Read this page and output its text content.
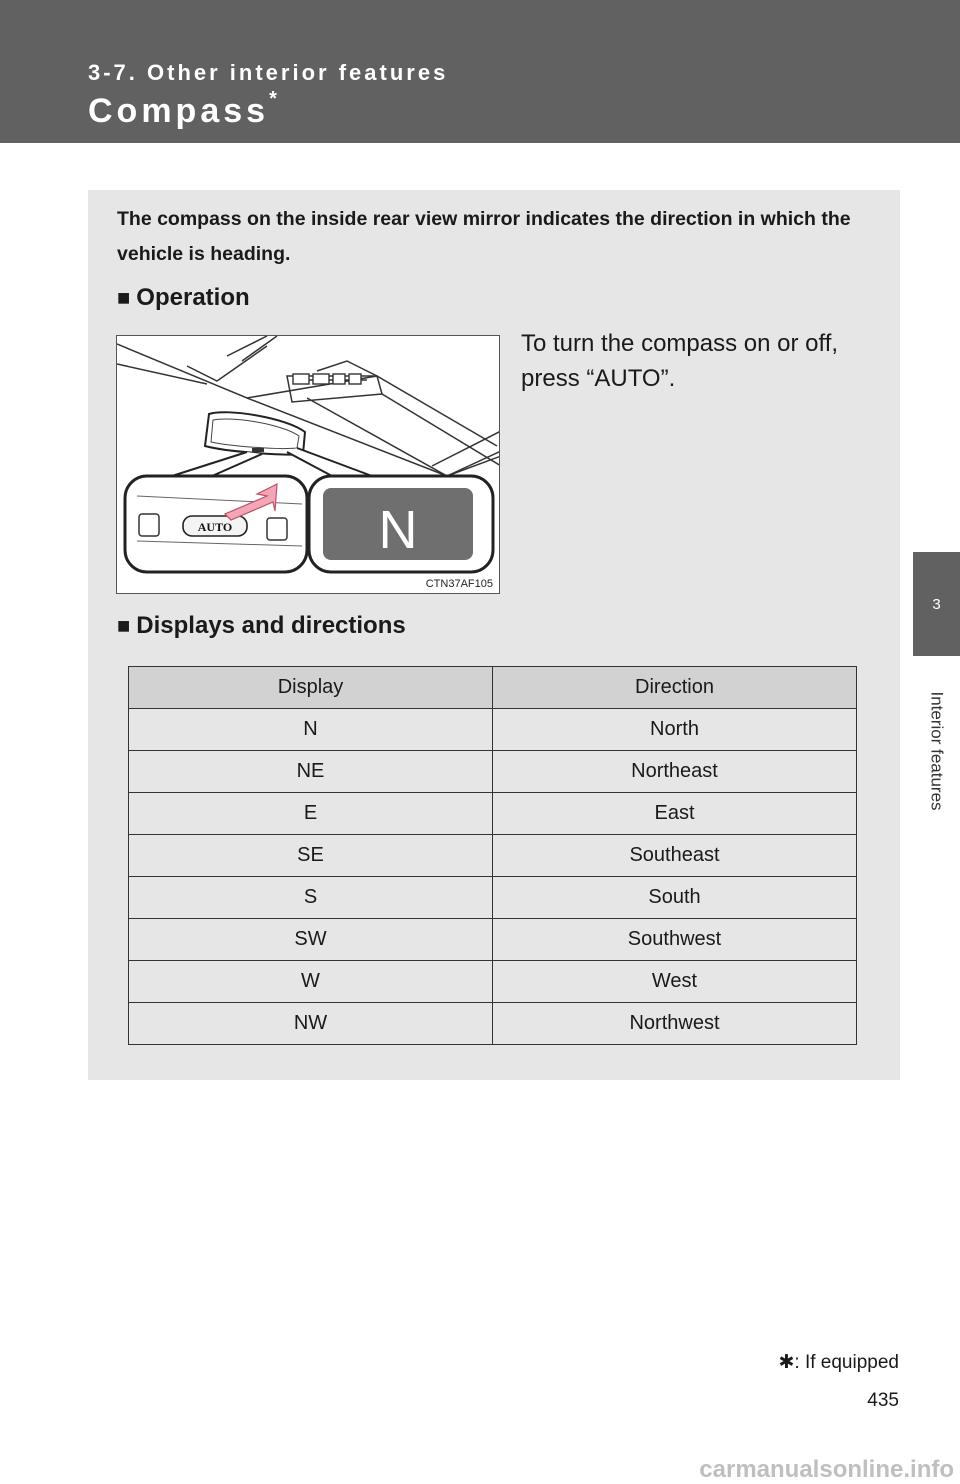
3-7. Other interior features
Compass*
3
Interior features
The compass on the inside rear view mirror indicates the direction in which the vehicle is heading.
■ Operation
AUTO	N
CTN37AF105
To turn the compass on or off, press “AUTO”.
■ Displays and directions
Display	Direction
N	North
NE	Northeast
E	East
SE	Southeast
S	South
SW	Southwest
W	West
NW	Northwest
✱: If equipped
435
carmanualsonline.info
